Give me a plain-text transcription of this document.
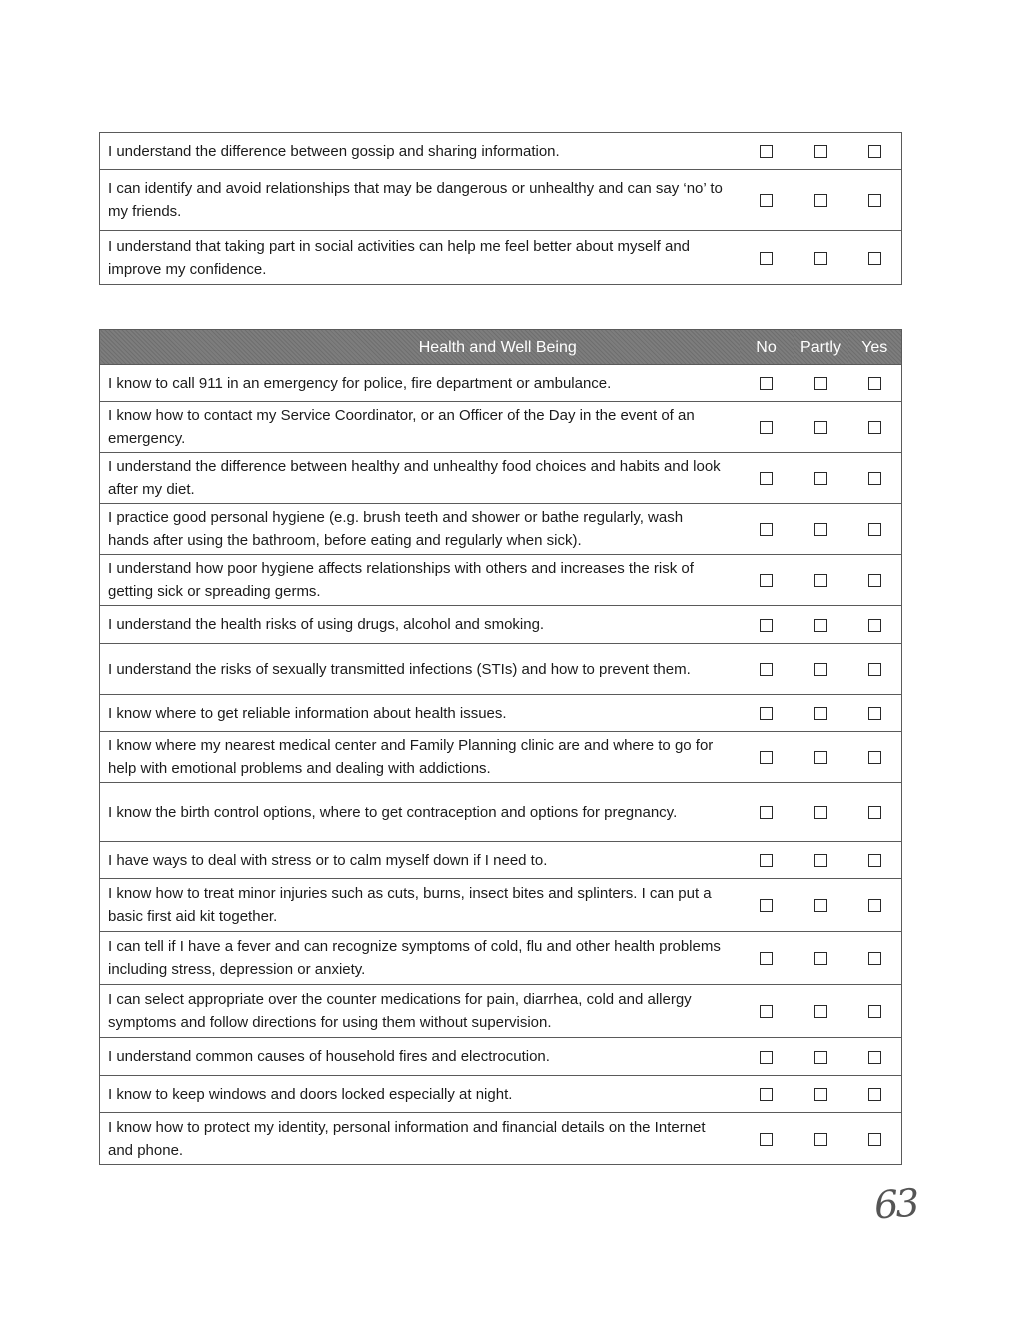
I understand the difference between gossip and sharing information.			
I can identify and avoid relationships that may be dangerous or unhealthy and can say ‘no’ to my friends.			
I understand that taking part in social activities can help me feel better about myself and improve my confidence.			
Health and Well Being	No	Partly	Yes
I know to call 911 in an emergency for police, fire department or ambulance.			
I know how to contact my Service Coordinator, or an Officer of the Day in the event of an emergency.			
I understand the difference between healthy and unhealthy food choices and habits and look after my diet.			
I practice good personal hygiene (e.g. brush teeth and shower or bathe regularly, wash hands after using the bathroom, before eating and regularly when sick).			
I understand how poor hygiene affects relationships with others and increases the risk of getting sick or spreading germs.			
I understand the health risks of using drugs, alcohol and smoking.			
I understand the risks of sexually transmitted infections (STIs) and how to prevent them.			
I know where to get reliable information about health issues.			
I know where my nearest medical center and Family Planning clinic are and where to go for help with emotional problems and dealing with addictions.			
I know the birth control options, where to get contraception and options for pregnancy.			
I have ways to deal with stress or to calm myself down if I need to.			
I know how to treat minor injuries such as cuts, burns, insect bites and splinters. I can put a basic first aid kit together.			
I can tell if I have a fever and can recognize symptoms of cold, flu and other health problems including stress, depression or anxiety.			
I can select appropriate over the counter medications for pain, diarrhea, cold and allergy symptoms and follow directions for using them without supervision.			
I understand common causes of household fires and electrocution.			
I know to keep windows and doors locked especially at night.			
I know how to protect my identity, personal information and financial details on the Internet and phone.			
63
